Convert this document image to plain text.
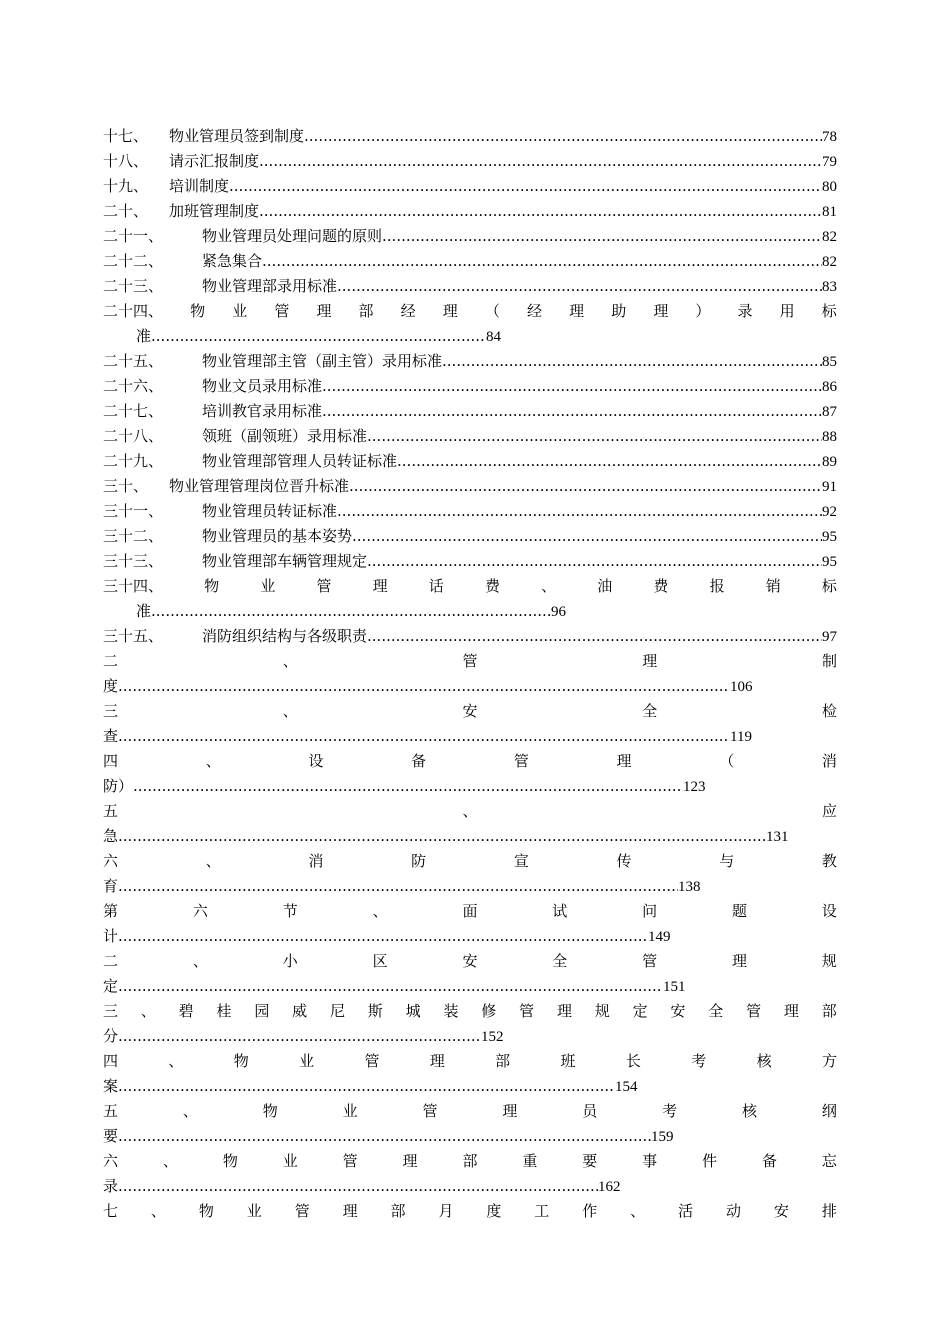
十七、	物业管理员签到制度 .....	78
十八、	请示汇报制度 .....	79
十九、	培训制度 .....	80
二十、	加班管理制度 .....	81
二十一、	物业管理员处理问题的原则 .....	82
二十二、	紧急集合 .....	82
二十三、	物业管理部录用标准 .....	83
二十四、 物 业 管 理 部 经 理 （ 经 理 助 理 ） 录 用 标
准 .....	84
二十五、	物业管理部主管（副主管）录用标准 .....	85
二十六、	物业文员录用标准 .....	86
二十七、	培训教官录用标准 .....	87
二十八、	领班（副领班）录用标准 .....	88
二十九、	物业管理部管理人员转证标准 .....	89
三十、	物业管理管理岗位晋升标准 .....	91
三十一、	物业管理员转证标准 .....	92
三十二、	物业管理员的基本姿势 .....	95
三十三、	物业管理部车辆管理规定 .....	95
三十四、	物	业	管	理	话	费	、	油	费	报	销	标
准 .....	96
三十五、	消防组织结构与各级职责 .....	97
二	、	管	理	制
度 .....	106
三	、	安	全	检
查 .....	119
四	、	设	备	管	理	（	消
防） .....	123
五	、	应
急 .....	131
六	、	消	防	宣	传	与	教
育 .....	138
第	六	节	、	面	试	问	题	设
计 .....	149
二	、	小	区	安	全	管	理	规
定 .....	151
三 、 碧 桂 园 威 尼 斯 城 装 修 管 理 规 定 安 全 管 理 部
分 .....	152
四	、	物	业	管	理	部	班	长	考	核	方
案 .....	154
五	、	物	业	管	理	员	考	核	纲
要 .....	159
六	、	物	业	管	理	部	重	要	事	件	备	忘
录 .....	162
七 、 物 业 管 理 部 月 度 工 作 、 活 动 安 排
